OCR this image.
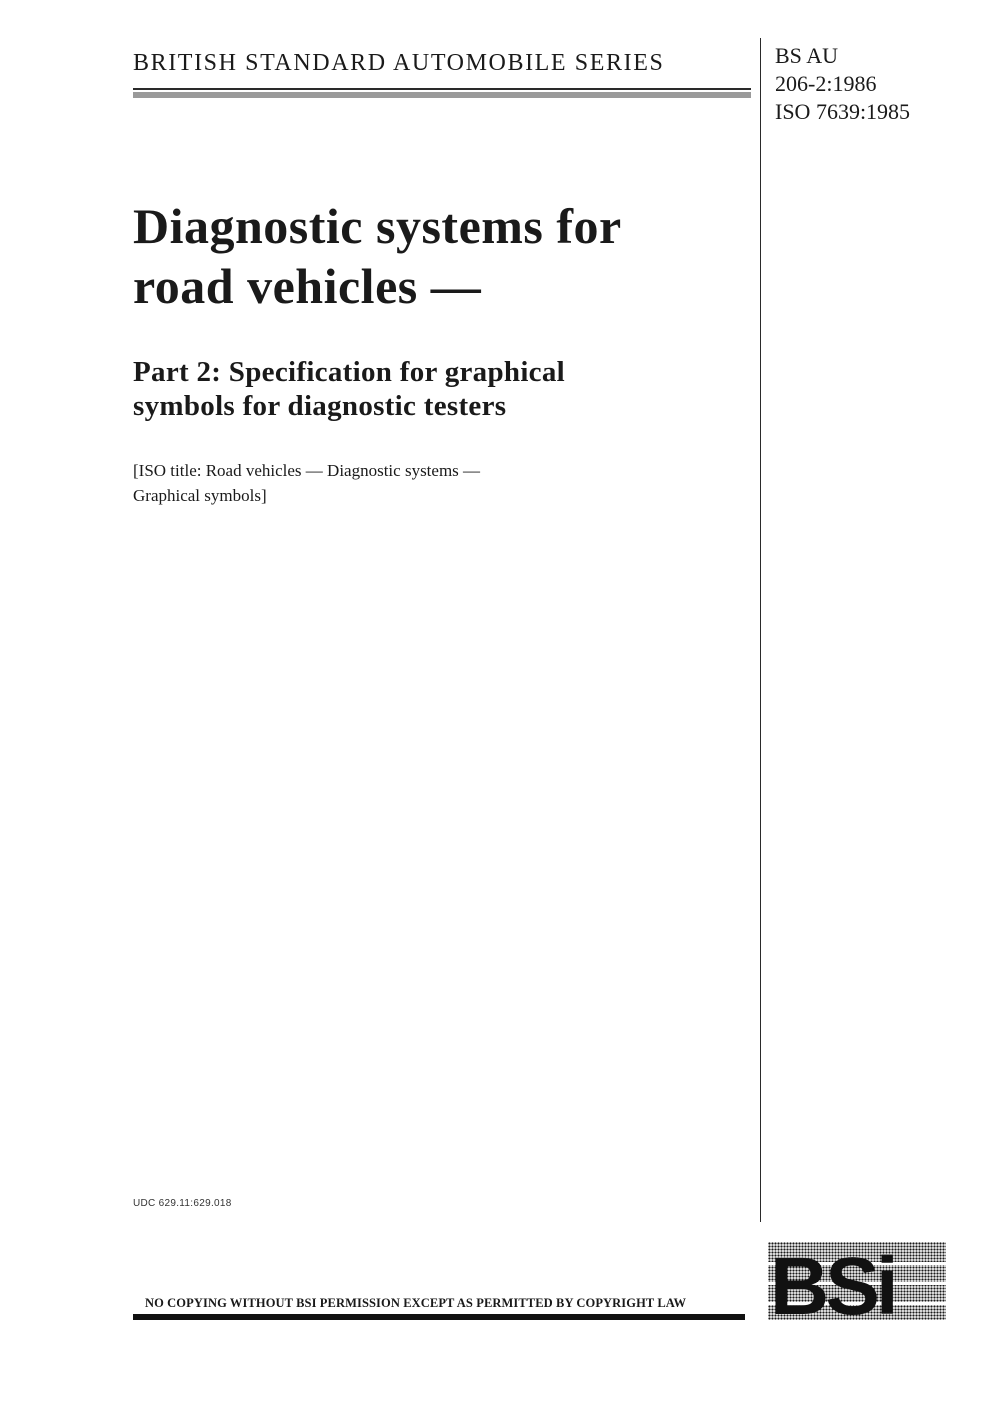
BRITISH STANDARD AUTOMOBILE SERIES	BS AU
206-2:1986
ISO 7639:1985
Diagnostic systems for
road vehicles —
Part 2: Specification for graphical
symbols for diagnostic testers
[ISO title: Road vehicles — Diagnostic systems —
Graphical symbols]
UDC 629.11:629.018
NO COPYING WITHOUT BSI PERMISSION EXCEPT AS PERMITTED BY COPYRIGHT LAW BSi
